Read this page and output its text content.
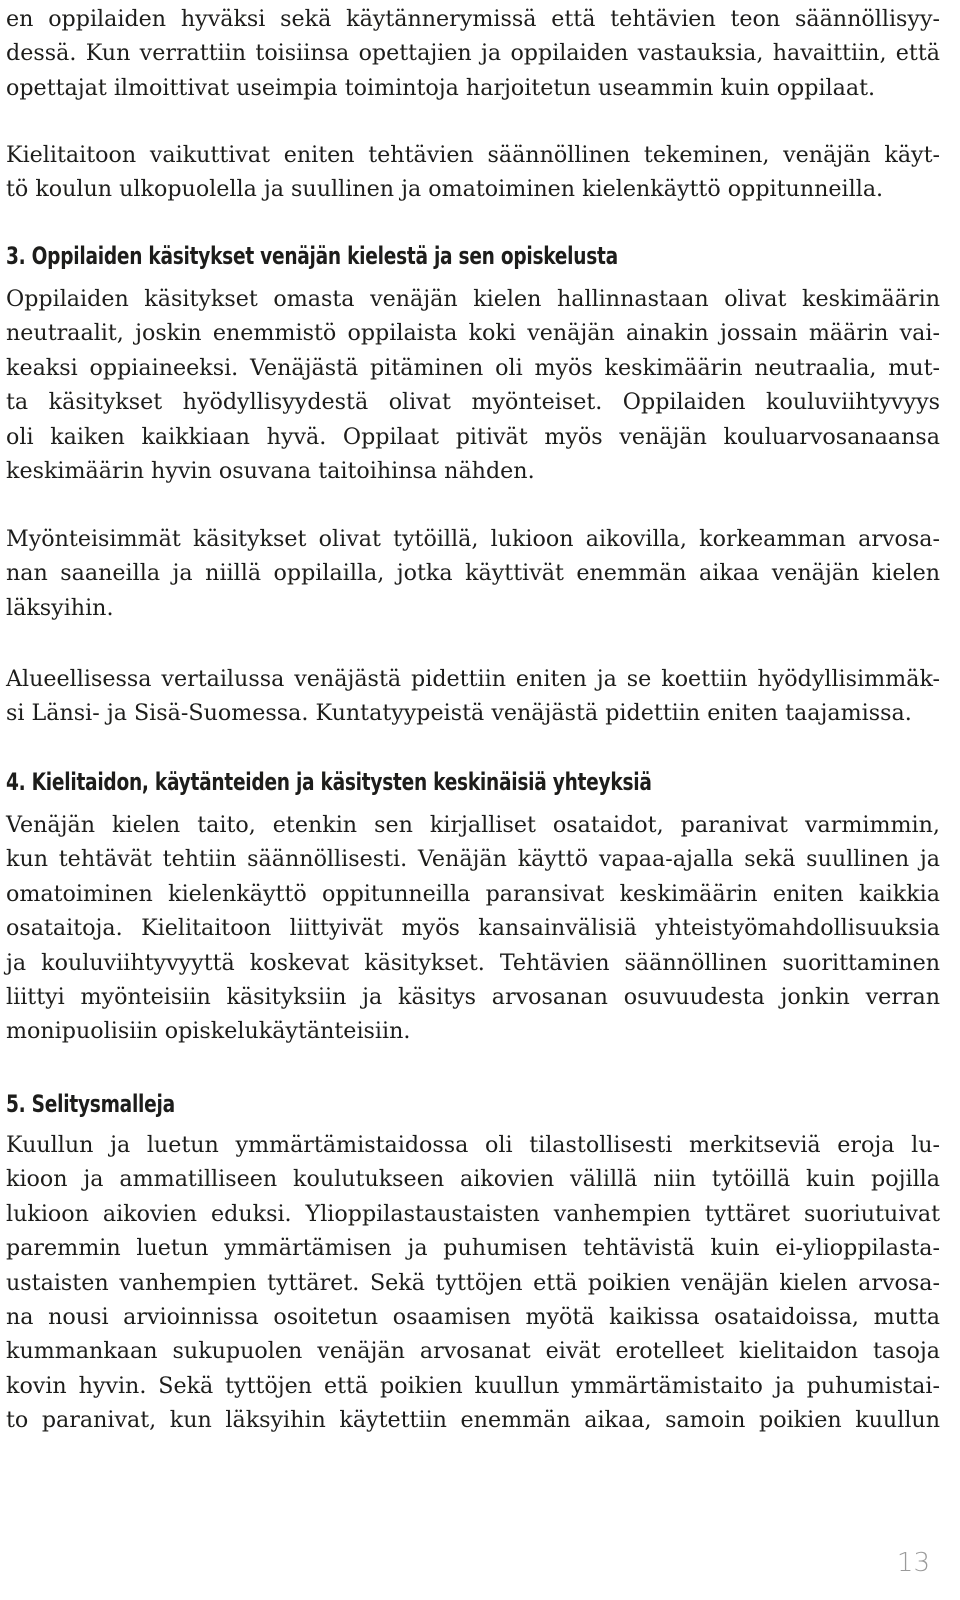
en oppilaiden hyväksi sekä käytännerymissä että tehtävien teon säännöllisyy-
dessä. Kun verrattiin toisiinsa opettajien ja oppilaiden vastauksia, havaittiin, että
opettajat ilmoittivat useimpia toimintoja harjoitetun useammin kuin oppilaat.
Kielitaitoon vaikuttivat eniten tehtävien säännöllinen tekeminen, venäjän käyt-
tö koulun ulkopuolella ja suullinen ja omatoiminen kielenkäyttö oppitunneilla.
3. Oppilaiden käsitykset venäjän kielestä ja sen opiskelusta
Oppilaiden käsitykset omasta venäjän kielen hallinnastaan olivat keskimäärin
neutraalit, joskin enemmistö oppilaista koki venäjän ainakin jossain määrin vai-
keaksi oppiaineeksi. Venäjästä pitäminen oli myös keskimäärin neutraalia, mut-
ta käsitykset hyödyllisyydestä olivat myönteiset. Oppilaiden kouluviihtyvyys
oli kaiken kaikkiaan hyvä. Oppilaat pitivät myös venäjän kouluarvosanaansa
keskimäärin hyvin osuvana taitoihinsa nähden.
Myönteisimmät käsitykset olivat tytöillä, lukioon aikovilla, korkeamman arvosa-
nan saaneilla ja niillä oppilailla, jotka käyttivät enemmän aikaa venäjän kielen
läksyihin.
Alueellisessa vertailussa venäjästä pidettiin eniten ja se koettiin hyödyllisimmäk-
si Länsi- ja Sisä-Suomessa. Kuntatyypeistä venäjästä pidettiin eniten taajamissa.
4. Kielitaidon, käytänteiden ja käsitysten keskinäisiä yhteyksiä
Venäjän kielen taito, etenkin sen kirjalliset osataidot, paranivat varmimmin,
kun tehtävät tehtiin säännöllisesti. Venäjän käyttö vapaa-ajalla sekä suullinen ja
omatoiminen kielenkäyttö oppitunneilla paransivat keskimäärin eniten kaikkia
osataitoja. Kielitaitoon liittyivät myös kansainvälisiä yhteistyömahdollisuuksia
ja kouluviihtyvyyttä koskevat käsitykset. Tehtävien säännöllinen suorittaminen
liittyi myönteisiin käsityksiin ja käsitys arvosanan osuvuudesta jonkin verran
monipuolisiin opiskelukäytänteisiin.
5. Selitysmalleja
Kuullun ja luetun ymmärtämistaidossa oli tilastollisesti merkitseviä eroja lu-
kioon ja ammatilliseen koulutukseen aikovien välillä niin tytöillä kuin pojilla
lukioon aikovien eduksi. Ylioppilastaustaisten vanhempien tyttäret suoriutuivat
paremmin luetun ymmärtämisen ja puhumisen tehtävistä kuin ei-ylioppilasta-
ustaisten vanhempien tyttäret. Sekä tyttöjen että poikien venäjän kielen arvosa-
na nousi arvioinnissa osoitetun osaamisen myötä kaikissa osataidoissa, mutta
kummankaan sukupuolen venäjän arvosanat eivät erotelleet kielitaidon tasoja
kovin hyvin. Sekä tyttöjen että poikien kuullun ymmärtämistaito ja puhumistai-
to paranivat, kun läksyihin käytettiin enemmän aikaa, samoin poikien kuullun
13
